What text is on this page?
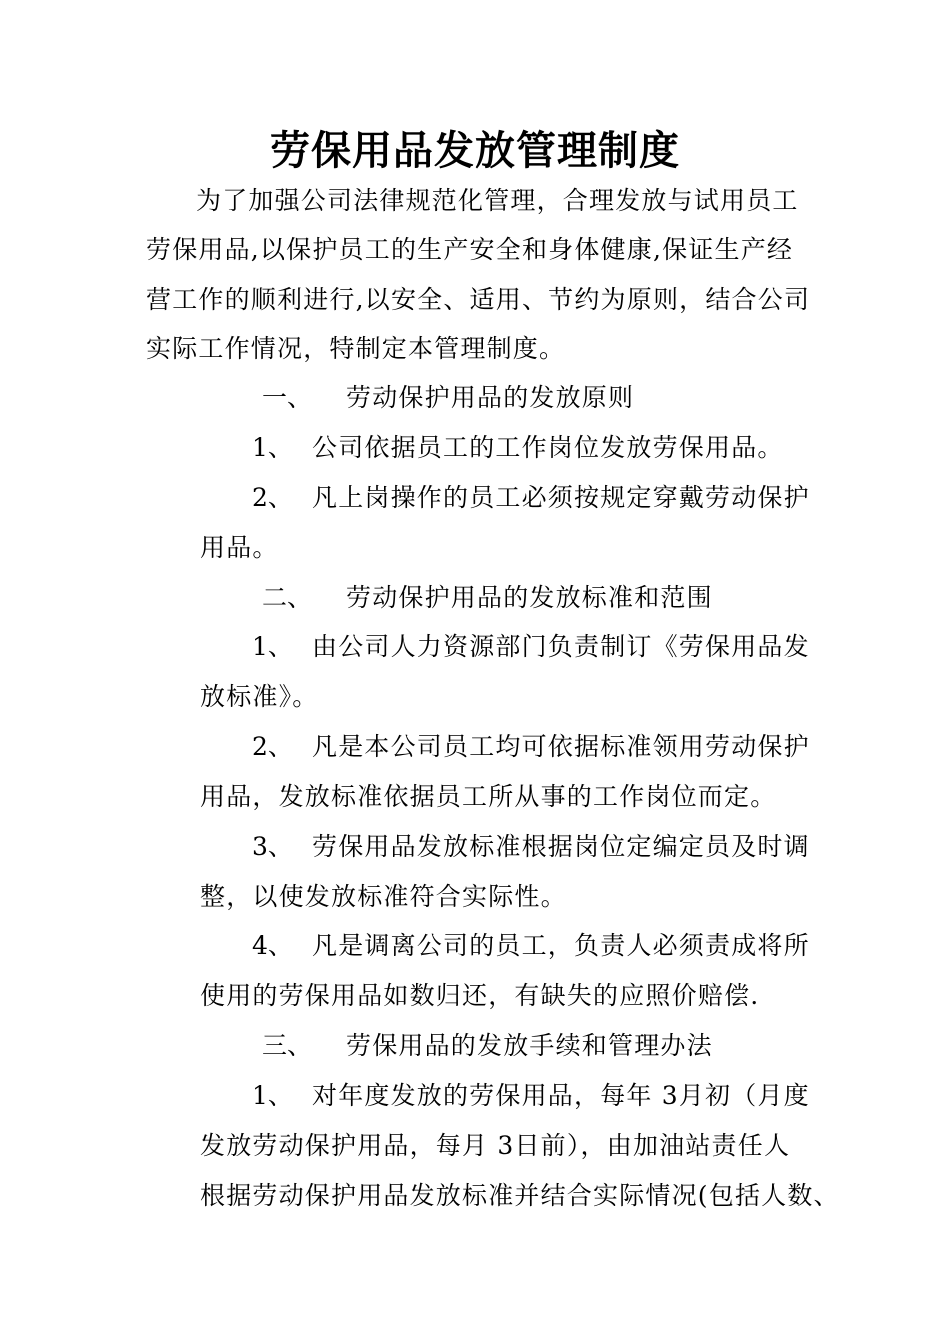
劳保用品发放管理制度
为了加强公司法律规范化管理，合理发放与试用员工
劳保用品,以保护员工的生产安全和身体健康,保证生产经
营工作的顺利进行,以安全、适用、节约为原则，结合公司
实际工作情况，特制定本管理制度。
一、 劳动保护用品的发放原则
1、 公司依据员工的工作岗位发放劳保用品。
2、 凡上岗操作的员工必须按规定穿戴劳动保护
用品。
二、 劳动保护用品的发放标准和范围
1、 由公司人力资源部门负责制订《劳保用品发
放标准》。
2、 凡是本公司员工均可依据标准领用劳动保护
用品，发放标准依据员工所从事的工作岗位而定。
3、 劳保用品发放标准根据岗位定编定员及时调
整，以使发放标准符合实际性。
4、 凡是调离公司的员工，负责人必须责成将所
使用的劳保用品如数归还，有缺失的应照价赔偿.
三、 劳保用品的发放手续和管理办法
1、 对年度发放的劳保用品，每年 3月初（月度
发放劳动保护用品，每月 3日前），由加油站责任人
根据劳动保护用品发放标准并结合实际情况(包括人数、
